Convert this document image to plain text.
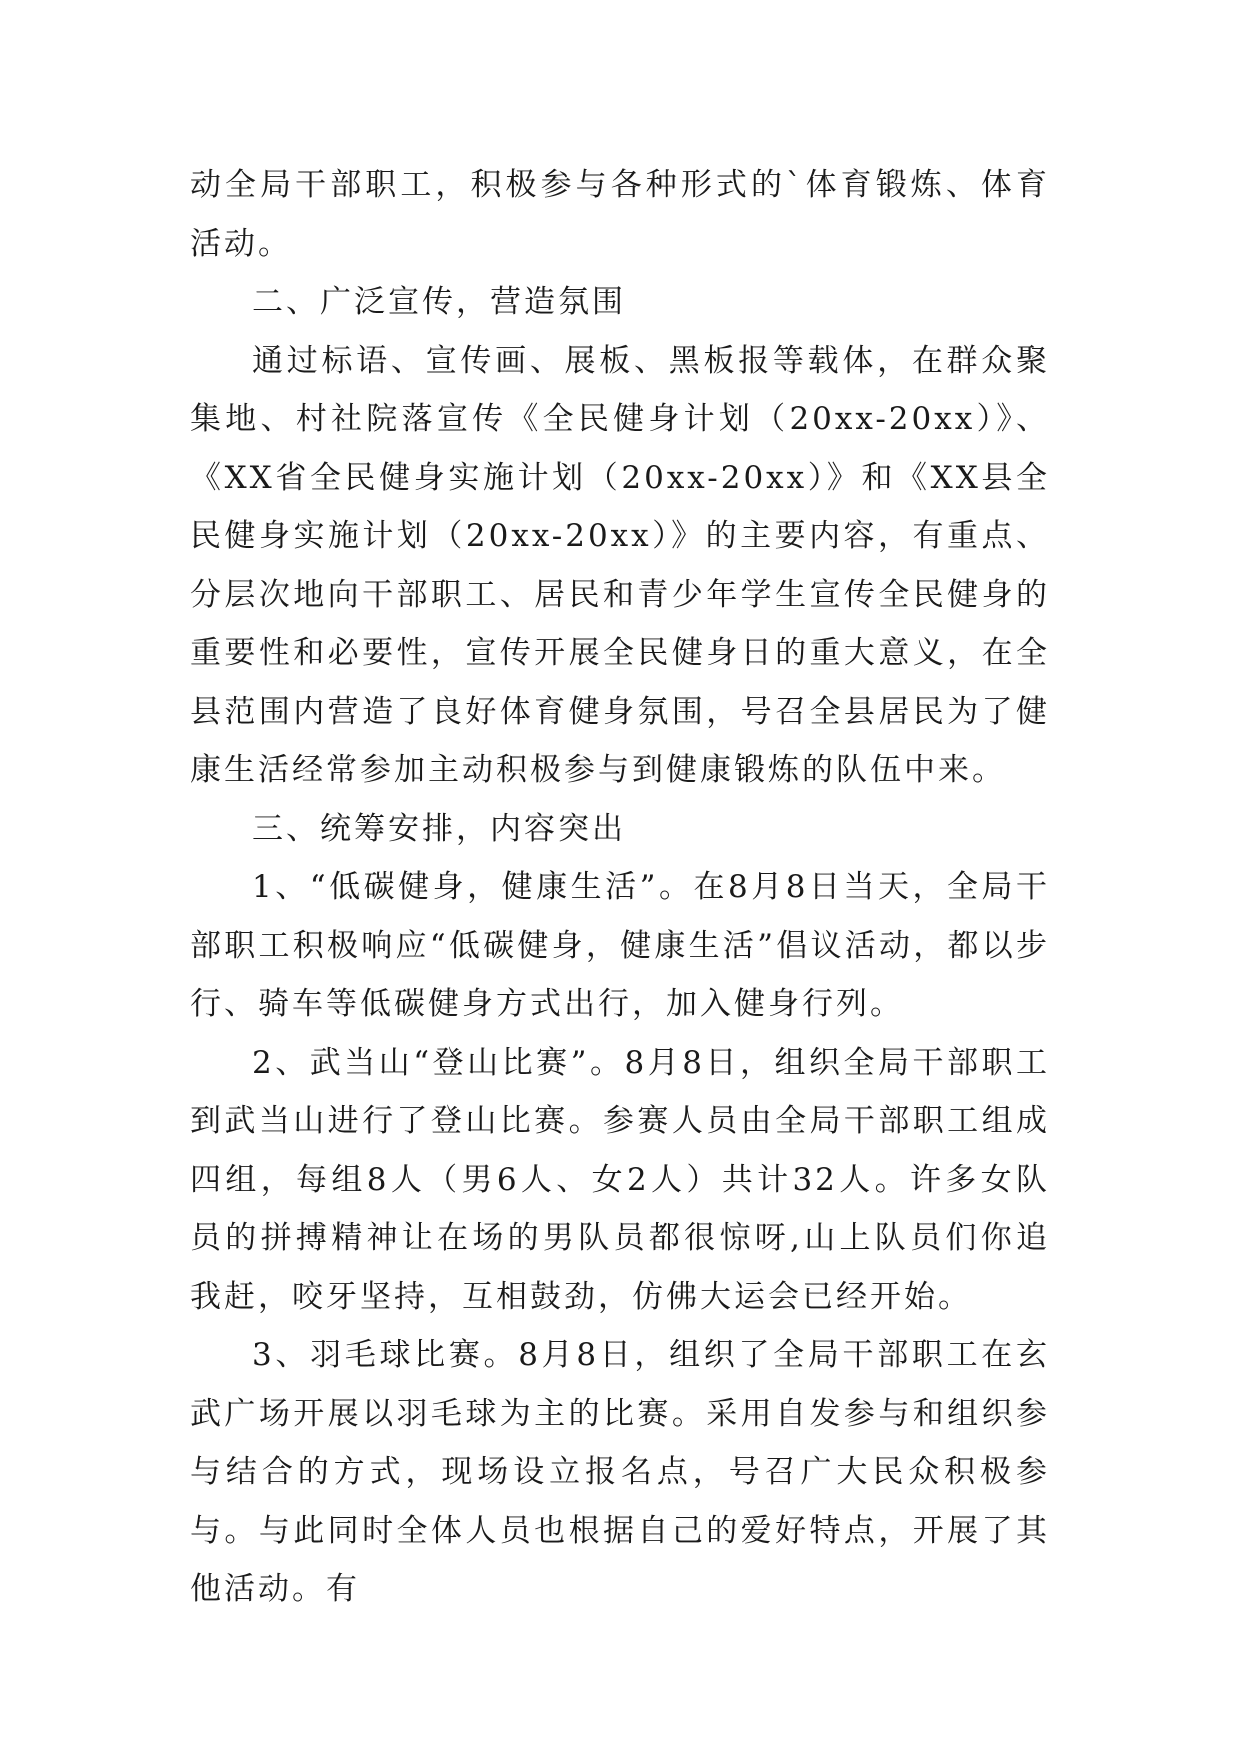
动全局干部职工，积极参与各种形式的`体育锻炼、体育活动。

二、广泛宣传，营造氛围

通过标语、宣传画、展板、黑板报等载体，在群众聚集地、村社院落宣传《全民健身计划（20xx-20xx）》、《XX省全民健身实施计划（20xx-20xx）》和《XX县全民健身实施计划（20xx-20xx）》的主要内容，有重点、分层次地向干部职工、居民和青少年学生宣传全民健身的重要性和必要性，宣传开展全民健身日的重大意义，在全县范围内营造了良好体育健身氛围，号召全县居民为了健康生活经常参加主动积极参与到健康锻炼的队伍中来。

三、统筹安排，内容突出

1、“低碳健身，健康生活”。在8月8日当天，全局干部职工积极响应“低碳健身，健康生活”倡议活动，都以步行、骑车等低碳健身方式出行，加入健身行列。

2、武当山“登山比赛”。8月8日，组织全局干部职工到武当山进行了登山比赛。参赛人员由全局干部职工组成四组，每组8人（男6人、女2人）共计32人。许多女队员的拼搏精神让在场的男队员都很惊呀,山上队员们你追我赶，咬牙坚持，互相鼓劲，仿佛大运会已经开始。

3、羽毛球比赛。8月8日，组织了全局干部职工在玄武广场开展以羽毛球为主的比赛。采用自发参与和组织参与结合的方式，现场设立报名点，号召广大民众积极参与。与此同时全体人员也根据自己的爱好特点，开展了其他活动。有
